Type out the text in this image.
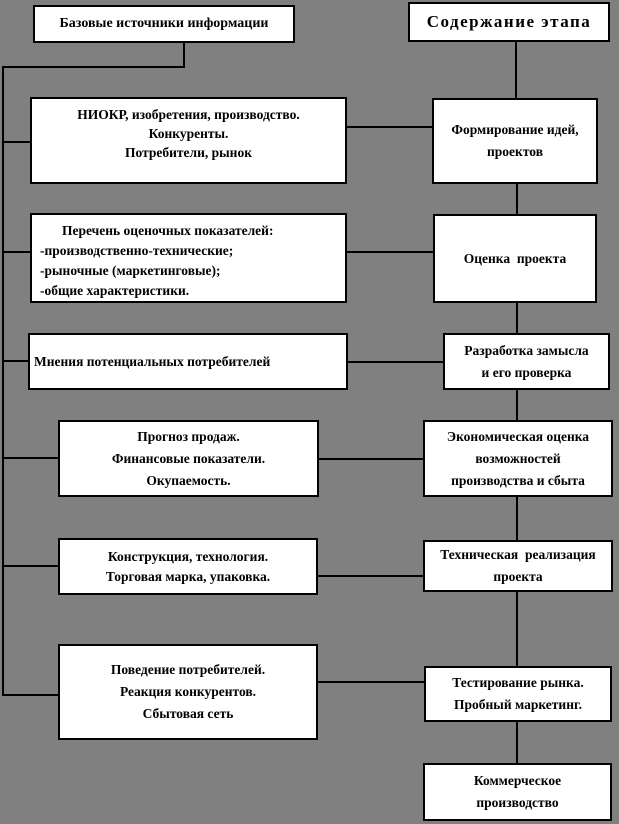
Базовые источники информации	Содержание этапа
НИОКР, изобретения, производство.
Конкуренты.
Потребители, рынок
Формирование идей,
проектов
Перечень оценочных показателей:
-производственно-технические;
-рыночные (маркетинговые);
-общие характеристики.
Оценка  проекта
Мнения потенциальных потребителей
Разработка замысла
и его проверка
Прогноз продаж.
Финансовые показатели.
Окупаемость.
Экономическая оценка
возможностей
производства и сбыта
Конструкция, технология.
Торговая марка, упаковка.
Техническая  реализация
проекта
Поведение потребителей.
Реакция конкурентов.
Сбытовая сеть
Тестирование рынка.
Пробный маркетинг.
Коммерческое
производство
